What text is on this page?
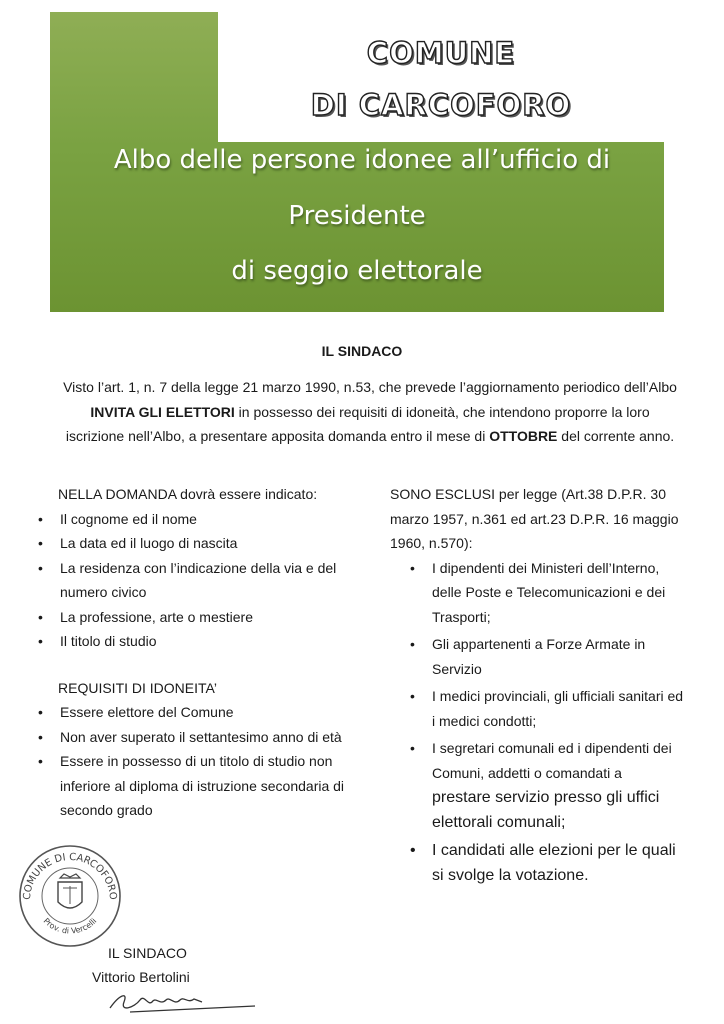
COMUNE
DI CARCOFORO
Albo delle persone idonee all’ufficio di
Presidente
di seggio elettorale
IL SINDACO
Visto l’art. 1, n. 7 della legge 21 marzo 1990, n.53, che prevede l’aggiornamento periodico dell’Albo INVITA GLI ELETTORI in possesso dei requisiti di idoneità, che intendono proporre la loro iscrizione nell’Albo, a presentare apposita domanda entro il mese di OTTOBRE del corrente anno.
NELLA DOMANDA dovrà essere indicato:
• Il cognome ed il nome
• La data ed il luogo di nascita
• La residenza con l’indicazione della via e del numero civico
• La professione, arte o mestiere
• Il titolo di studio
REQUISITI DI IDONEITA’
• Essere elettore del Comune
• Non aver superato il settantesimo anno di età
• Essere in possesso di un titolo di studio non inferiore al diploma di istruzione secondaria di secondo grado
SONO ESCLUSI per legge (Art.38 D.P.R. 30 marzo 1957, n.361 ed art.23 D.P.R. 16 maggio 1960, n.570):
• I dipendenti dei Ministeri dell’Interno, delle Poste e Telecomunicazioni e dei Trasporti;
• Gli appartenenti a Forze Armate in Servizio
• I medici provinciali, gli ufficiali sanitari ed i medici condotti;
• I segretari comunali ed i dipendenti dei Comuni, addetti o comandati a
prestare servizio presso gli uffici elettorali comunali;
• I candidati alle elezioni per le quali si svolge la votazione.
COMUNE DI CARCOFORO
Prov. di Vercelli
IL SINDACO
Vittorio Bertolini
